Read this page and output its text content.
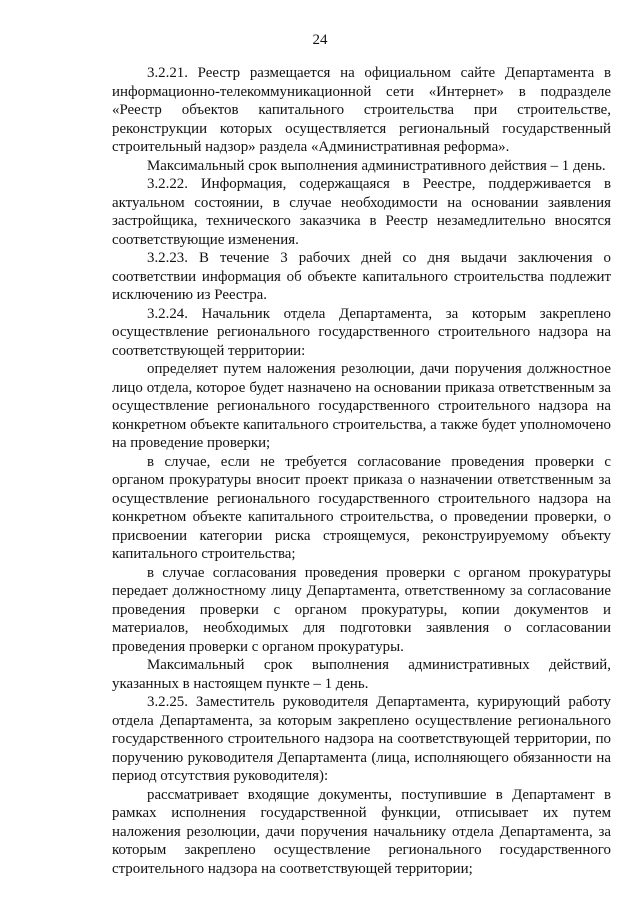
24

3.2.21. Реестр размещается на официальном сайте Департамента в информационно-телекоммуникационной сети «Интернет» в подразделе «Реестр объектов капитального строительства при строительстве, реконструкции которых осуществляется региональный государственный строительный надзор» раздела «Административная реформа».

Максимальный срок выполнения административного действия – 1 день.

3.2.22. Информация, содержащаяся в Реестре, поддерживается в актуальном состоянии, в случае необходимости на основании заявления застройщика, технического заказчика в Реестр незамедлительно вносятся соответствующие изменения.

3.2.23. В течение 3 рабочих дней со дня выдачи заключения о соответствии информация об объекте капитального строительства подлежит исключению из Реестра.

3.2.24. Начальник отдела Департамента, за которым закреплено осуществление регионального государственного строительного надзора на соответствующей территории:

определяет путем наложения резолюции, дачи поручения должностное лицо отдела, которое будет назначено на основании приказа ответственным за осуществление регионального государственного строительного надзора на конкретном объекте капитального строительства, а также будет уполномочено на проведение проверки;

в случае, если не требуется согласование проведения проверки с органом прокуратуры вносит проект приказа о назначении ответственным за осуществление регионального государственного строительного надзора на конкретном объекте капитального строительства, о проведении проверки, о присвоении категории риска строящемуся, реконструируемому объекту капитального строительства;

в случае согласования проведения проверки с органом прокуратуры передает должностному лицу Департамента, ответственному за согласование проведения проверки с органом прокуратуры, копии документов и материалов, необходимых для подготовки заявления о согласовании проведения проверки с органом прокуратуры.

Максимальный срок выполнения административных действий, указанных в настоящем пункте – 1 день.

3.2.25. Заместитель руководителя Департамента, курирующий работу отдела Департамента, за которым закреплено осуществление регионального государственного строительного надзора на соответствующей территории, по поручению руководителя Департамента (лица, исполняющего обязанности на период отсутствия руководителя):

рассматривает входящие документы, поступившие в Департамент в рамках исполнения государственной функции, отписывает их путем наложения резолюции, дачи поручения начальнику отдела Департамента, за которым закреплено осуществление регионального государственного строительного надзора на соответствующей территории;
